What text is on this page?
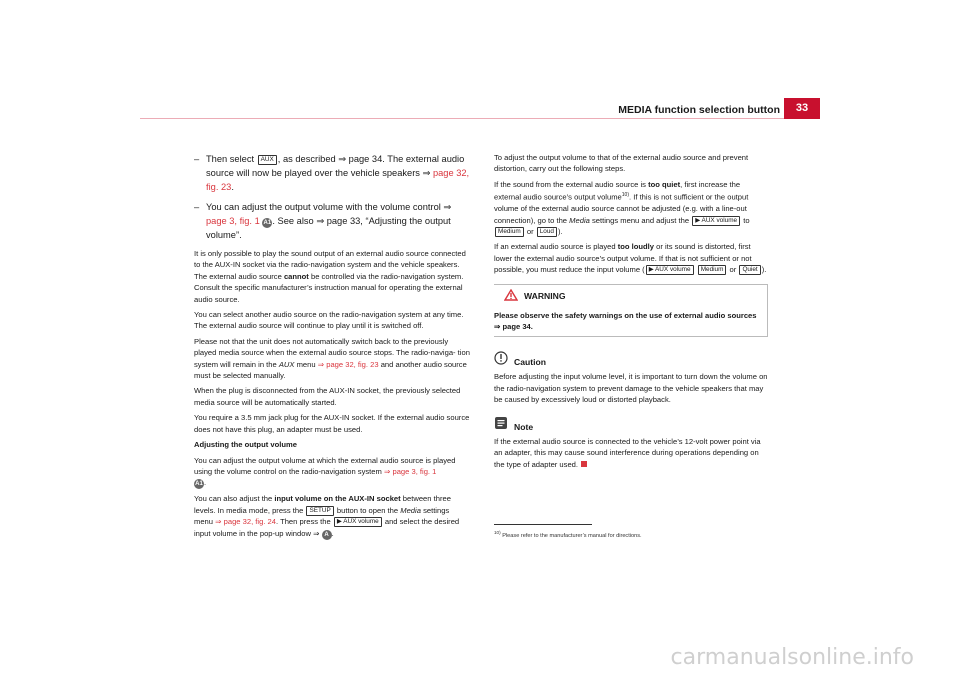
MEDIA function selection button	33
– Then select AUX , as described ⇒ page 34. The external audio source will now be played over the vehicle speakers ⇒ page 32, fig. 23.
– You can adjust the output volume with the volume control ⇒ page 3, fig. 1 A1. See also ⇒ page 33, “Adjusting the output volume”.

It is only possible to play the sound output of an external audio source connected to the AUX-IN socket via the radio-navigation system and the vehicle speakers. The external audio source cannot be controlled via the radio-navigation system. Consult the specific manufacturer’s instruction manual for operating the external audio source.

You can select another audio source on the radio-navigation system at any time. The external audio source will continue to play until it is switched off.

Please not that the unit does not automatically switch back to the previously played media source when the external audio source stops. The radio-naviga- tion system will remain in the AUX menu ⇒ page 32, fig. 23 and another audio source must be selected manually.

When the plug is disconnected from the AUX-IN socket, the previously selected media source will be automatically started.

You require a 3.5 mm jack plug for the AUX-IN socket. If the external audio source does not have this plug, an adapter must be used.

Adjusting the output volume

You can adjust the output volume at which the external audio source is played using the volume control on the radio-navigation system ⇒ page 3, fig. 1
A1.

You can also adjust the input volume on the AUX-IN socket between three levels. In media mode, press the SETUP button to open the Media settings menu ⇒ page 32, fig. 24. Then press the ▶ AUX volume and select the desired input volume in the pop-up window ⇒ A .

To adjust the output volume to that of the external audio source and prevent distortion, carry out the following steps.

If the sound from the external audio source is too quiet, first increase the external audio source’s output volume$^{10)}$. If this is not sufficient or the output volume of the external audio source cannot be adjusted (e.g. with a line-out connection), go to the Media settings menu and adjust the ▶ AUX volume to Medium or Loud ).

If an external audio source is played too loudly or its sound is distorted, first lower the external audio source’s output volume. If that is not sufficient or not possible, you must reduce the input volume ( ▶ AUX volume Medium or Quiet ).

WARNING
Please observe the safety warnings on the use of external audio sources
⇒ page 34.
Caution

Before adjusting the input volume level, it is important to turn down the volume on the radio-navigation system to prevent damage to the vehicle speakers that may be caused by excessively loud or distorted playback.

Note

If the external audio source is connected to the vehicle’s 12-volt power point via an adapter, this may cause sound interference during operations depending on the type of adapter used.

$^{10)}$ Please refer to the manufacturer’s manual for directions.
carmanualsonline.info
